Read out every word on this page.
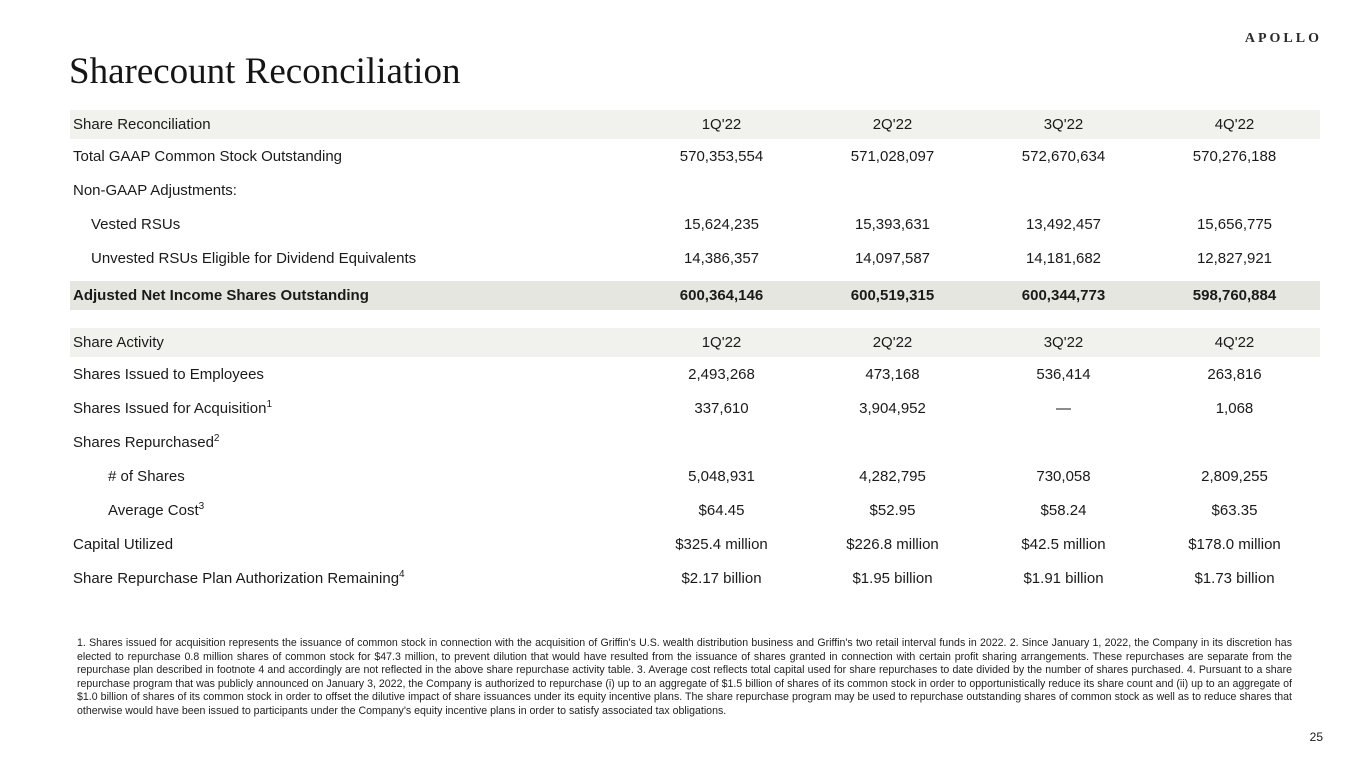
APOLLO
Sharecount Reconciliation
Share Reconciliation	1Q'22	2Q'22	3Q'22	4Q'22
Total GAAP Common Stock Outstanding	570,353,554	571,028,097	572,670,634	570,276,188
Non-GAAP Adjustments:
Vested RSUs	15,624,235	15,393,631	13,492,457	15,656,775
Unvested RSUs Eligible for Dividend Equivalents	14,386,357	14,097,587	14,181,682	12,827,921
Adjusted Net Income Shares Outstanding	600,364,146	600,519,315	600,344,773	598,760,884
Share Activity	1Q'22	2Q'22	3Q'22	4Q'22
Shares Issued to Employees	2,493,268	473,168	536,414	263,816
Shares Issued for Acquisition$^1$	337,610	3,904,952	—	1,068
Shares Repurchased$^2$
# of Shares	5,048,931	4,282,795	730,058	2,809,255
Average Cost$^3$	$64.45	$52.95	$58.24	$63.35
Capital Utilized	$325.4 million	$226.8 million	$42.5 million	$178.0 million
Share Repurchase Plan Authorization Remaining$^4$	$2.17 billion	$1.95 billion	$1.91 billion	$1.73 billion

1. Shares issued for acquisition represents the issuance of common stock in connection with the acquisition of Griffin's U.S. wealth distribution business and Griffin's two retail interval funds in 2022. 2. Since January 1, 2022, the Company in its discretion has elected to repurchase 0.8 million shares of common stock for $47.3 million, to prevent dilution that would have resulted from the issuance of shares granted in connection with certain profit sharing arrangements. These repurchases are separate from the repurchase plan described in footnote 4 and accordingly are not reflected in the above share repurchase activity table. 3. Average cost reflects total capital used for share repurchases to date divided by the number of shares purchased. 4. Pursuant to a share repurchase program that was publicly announced on January 3, 2022, the Company is authorized to repurchase (i) up to an aggregate of $1.5 billion of shares of its common stock in order to opportunistically reduce its share count and (ii) up to an aggregate of $1.0 billion of shares of its common stock in order to offset the dilutive impact of share issuances under its equity incentive plans. The share repurchase program may be used to repurchase outstanding shares of common stock as well as to reduce shares that otherwise would have been issued to participants under the Company's equity incentive plans in order to satisfy associated tax obligations.

25
